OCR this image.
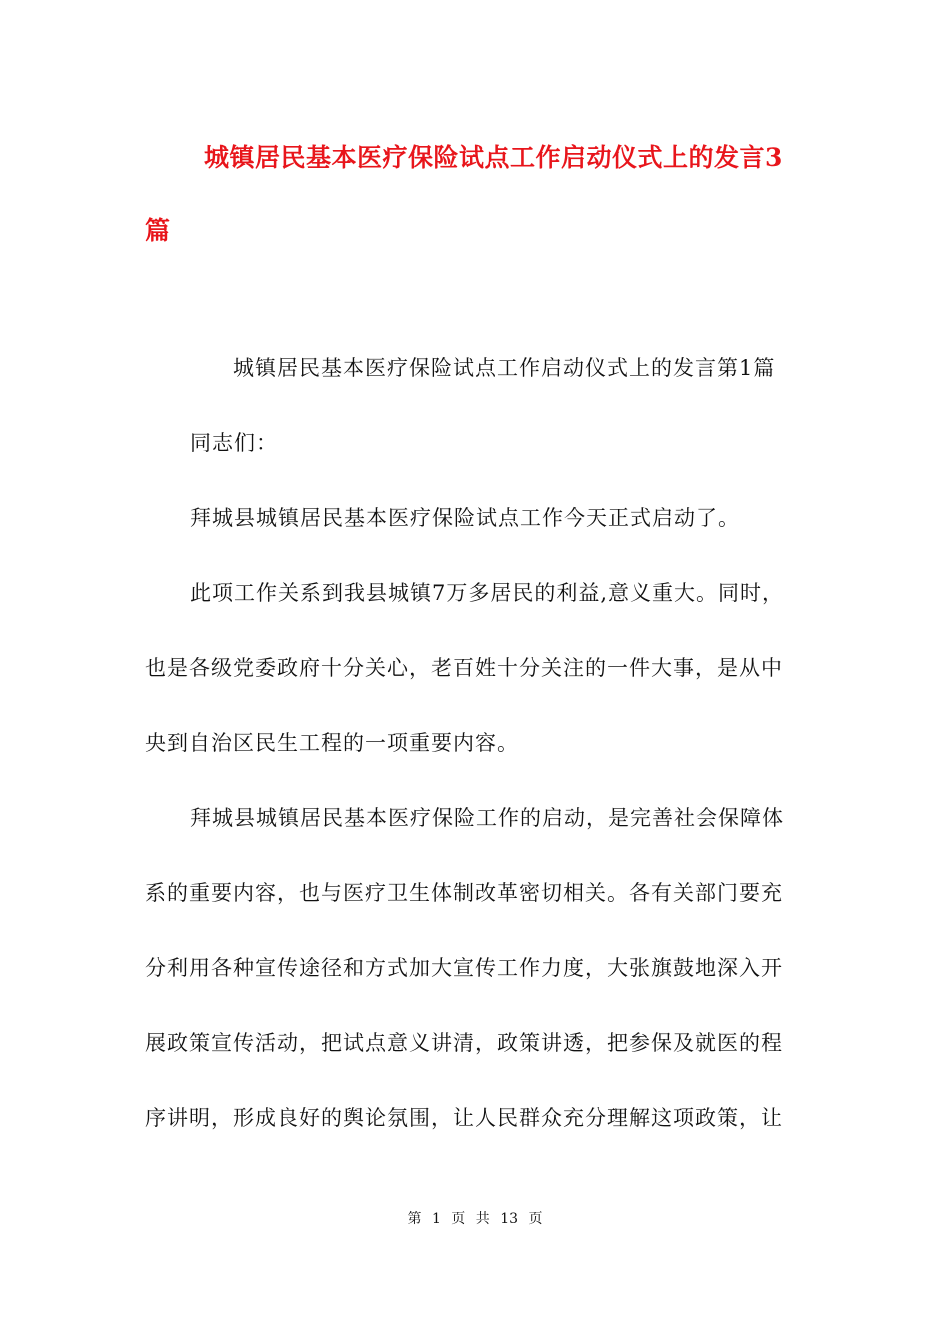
城镇居民基本医疗保险试点工作启动仪式上的发言3
篇
城镇居民基本医疗保险试点工作启动仪式上的发言第1篇
同志们：
拜城县城镇居民基本医疗保险试点工作今天正式启动了。
此项工作关系到我县城镇7万多居民的利益,意义重大。同时，
也是各级党委政府十分关心，老百姓十分关注的一件大事，是从中
央到自治区民生工程的一项重要内容。
拜城县城镇居民基本医疗保险工作的启动，是完善社会保障体
系的重要内容，也与医疗卫生体制改革密切相关。各有关部门要充
分利用各种宣传途径和方式加大宣传工作力度，大张旗鼓地深入开
展政策宣传活动，把试点意义讲清，政策讲透，把参保及就医的程
序讲明，形成良好的舆论氛围，让人民群众充分理解这项政策，让
第 1 页 共 13 页
